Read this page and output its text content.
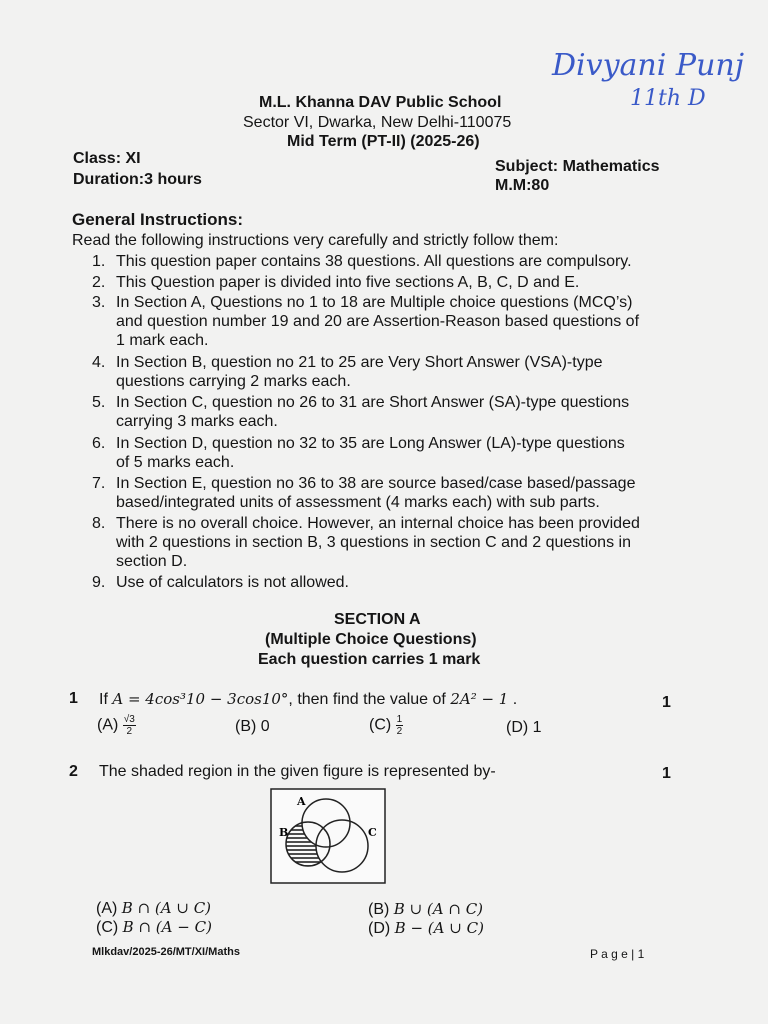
Divyani Punj
11th D
M.L. Khanna DAV Public School
Sector VI, Dwarka, New Delhi-110075
Mid Term (PT-II) (2025-26)
Class: XI
Duration:3 hours
Subject: Mathematics
M.M:80
General Instructions:
Read the following instructions very carefully and strictly follow them:
1. This question paper contains 38 questions. All questions are compulsory.
2. This Question paper is divided into five sections A, B, C, D and E.
3. In Section A, Questions no 1 to 18 are Multiple choice questions (MCQ’s)
and question number 19 and 20 are Assertion-Reason based questions of
1 mark each.
4. In Section B, question no 21 to 25 are Very Short Answer (VSA)-type
questions carrying 2 marks each.
5. In Section C, question no 26 to 31 are Short Answer (SA)-type questions
carrying 3 marks each.
6. In Section D, question no 32 to 35 are Long Answer (LA)-type questions
of 5 marks each.
7. In Section E, question no 36 to 38 are source based/case based/passage
based/integrated units of assessment (4 marks each) with sub parts.
8. There is no overall choice. However, an internal choice has been provided
with 2 questions in section B, 3 questions in section C and 2 questions in
section D.
9. Use of calculators is not allowed.
SECTION A
(Multiple Choice Questions)
Each question carries 1 mark
1 If A = 4cos³10 − 3cos10°, then find the value of 2A² − 1 .	1
$(A) \frac{√3}{2}$	(B) 0	$(C) \frac{1}{2}$	(D) 1
2 The shaded region in the given figure is represented by-	1
A
B	C
(A) B ∩ (A ∪ C)
(C) B ∩ (A − C)
(B) B ∪ (A ∩ C)
(D) B − (A ∪ C)
Mlkdav/2025-26/MT/XI/Maths	P a g e | 1
